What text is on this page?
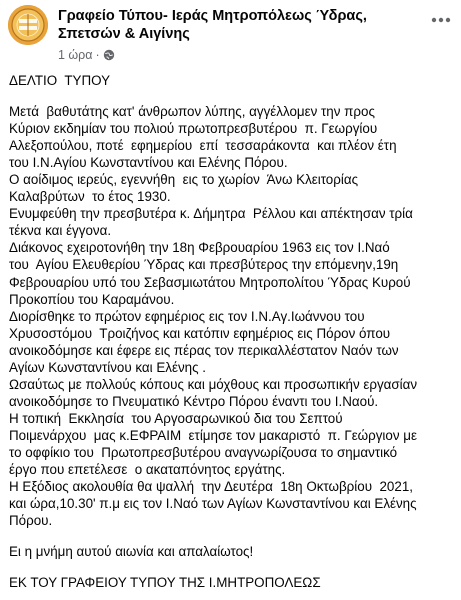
Γραφείο Τύπου- Ιεράς Μητροπόλεως Ύδρας, Σπετσών & Αιγίνης
1 ώρα ·

ΔΕΛΤΙΟ  ΤΥΠΟΥ

Μετά  βαθυτάτης κατ' άνθρωπον λύπης, αγγέλλομεν την προς

Κύριον εκδημίαν του πολιού πρωτοπρεσβυτέρου  π. Γεωργίου

Αλεξοπούλου, ποτέ  εφημερίου  επί  τεσσαράκοντα  και πλέον έτη

του Ι.Ν.Αγίου Κωνσταντίνου και Ελένης Πόρου.

Ο αοίδιμος ιερεύς, εγεννήθη  εις το χωρίον  Άνω Κλειτορίας

Καλαβρύτων  το έτος 1930.

Ενυμφεύθη την πρεσβυτέρα κ. Δήμητρα  Ρέλλου και απέκτησαν τρία

τέκνα και έγγονα.

Διάκονος εχειροτονήθη την 18η Φεβρουαρίου 1963 εις τον Ι.Ναό

του  Αγίου Ελευθερίου Ύδρας και πρεσβύτερος την επόμενην,19η

Φεβρουαρίου υπό του Σεβασμιωτάτου Μητροπολίτου Ύδρας Κυρού

Προκοπίου του Καραμάνου.

Διορίσθηκε το πρώτον εφημέριος εις τον Ι.Ν.Αγ.Ιωάννου του

Χρυσοστόμου  Τροιζήνος και κατόπιν εφημέριος εις Πόρον όπου

ανοικοδόμησε και έφερε εις πέρας τον περικαλλέστατον Ναόν των

Αγίων Κωνσταντίνου και Ελένης .

Ωσαύτως με πολλούς κόπους και μόχθους και προσωπικήν εργασίαν

ανοικοδόμησε το Πνευματικό Κέντρο Πόρου έναντι του Ι.Ναού.

Η τοπική  Εκκλησία  του Αργοσαρωνικού δια του Σεπτού

Ποιμενάρχου  μας κ.ΕΦΡΑΙΜ  ετίμησε τον μακαριστό  π. Γεώργιον με

το οφφίκιο του  Πρωτοπρεσβυτέρου αναγνωρίζουσα το σημαντικό

έργο που επετέλεσε  ο ακαταπόνητος εργάτης.

Η Εξόδιος ακολουθία θα ψαλλή  την Δευτέρα  18η Οκτωβρίου  2021,

και ώρα,10.30' π.μ εις τον Ι.Ναό των Αγίων Κωνσταντίνου και Ελένης

Πόρου.

Ει η μνήμη αυτού αιωνία και απαλαίωτος!

ΕΚ ΤΟΥ ΓΡΑΦΕΙΟΥ ΤΥΠΟΥ ΤΗΣ Ι.ΜΗΤΡΟΠΟΛΕΩΣ
